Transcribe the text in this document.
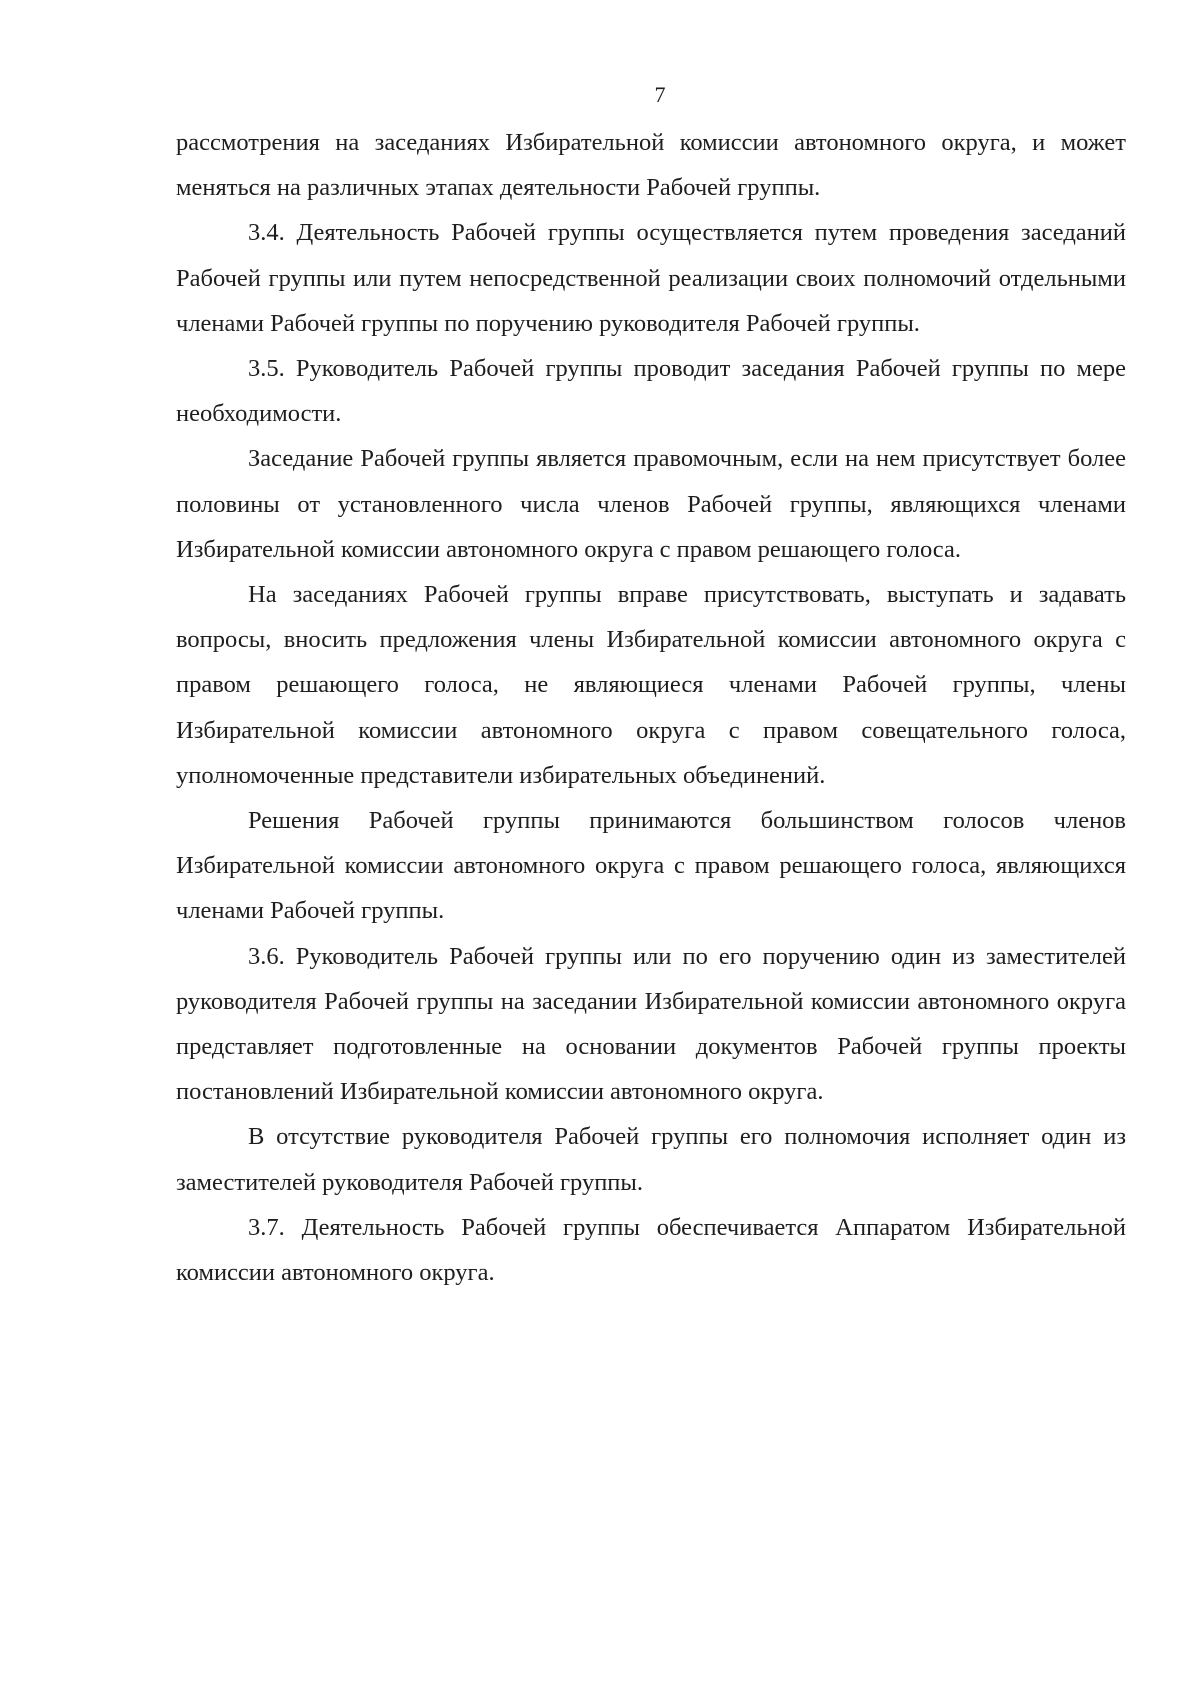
7

рассмотрения на заседаниях Избирательной комиссии автономного округа, и может меняться на различных этапах деятельности Рабочей группы.

3.4. Деятельность Рабочей группы осуществляется путем проведения заседаний Рабочей группы или путем непосредственной реализации своих полномочий отдельными членами Рабочей группы по поручению руководителя Рабочей группы.

3.5. Руководитель Рабочей группы проводит заседания Рабочей группы по мере необходимости.

Заседание Рабочей группы является правомочным, если на нем присутствует более половины от установленного числа членов Рабочей группы, являющихся членами Избирательной комиссии автономного округа с правом решающего голоса.

На заседаниях Рабочей группы вправе присутствовать, выступать и задавать вопросы, вносить предложения члены Избирательной комиссии автономного округа с правом решающего голоса, не являющиеся членами Рабочей группы, члены Избирательной комиссии автономного округа с правом совещательного голоса, уполномоченные представители избирательных объединений.

Решения Рабочей группы принимаются большинством голосов членов Избирательной комиссии автономного округа с правом решающего голоса, являющихся членами Рабочей группы.

3.6. Руководитель Рабочей группы или по его поручению один из заместителей руководителя Рабочей группы на заседании Избирательной комиссии автономного округа представляет подготовленные на основании документов Рабочей группы проекты постановлений Избирательной комиссии автономного округа.

В отсутствие руководителя Рабочей группы его полномочия исполняет один из заместителей руководителя Рабочей группы.

3.7. Деятельность Рабочей группы обеспечивается Аппаратом Избирательной комиссии автономного округа.
